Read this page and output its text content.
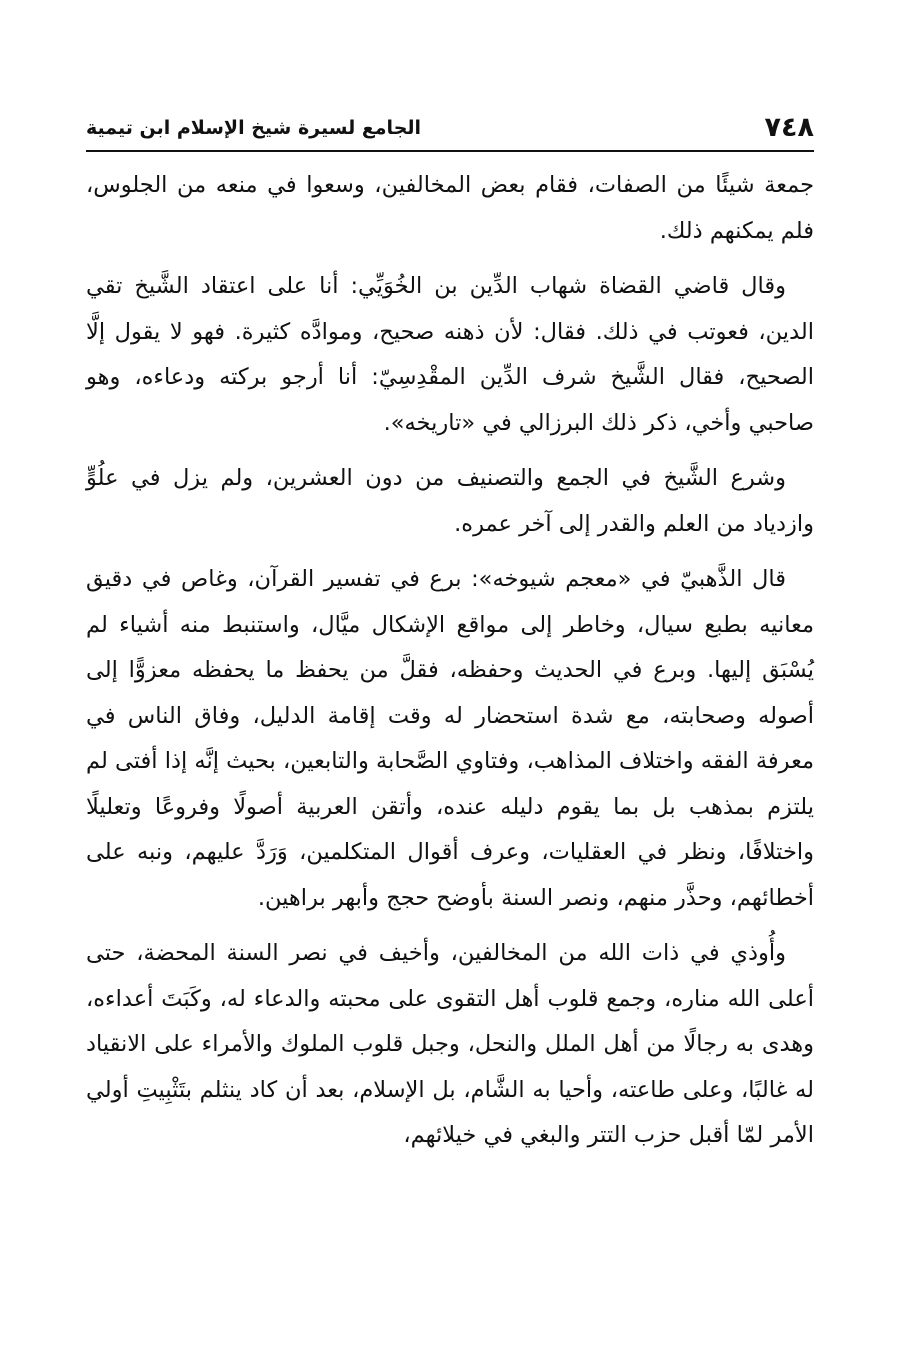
٧٤٨
الجامع لسيرة شيخ الإسلام ابن تيمية

جمعة شيئًا من الصفات، فقام بعض المخالفين، وسعوا في منعه من الجلوس، فلم يمكنهم ذلك.

وقال قاضي القضاة شهاب الدِّين بن الخُوَيِّي: أنا على اعتقاد الشَّيخ تقي الدين، فعوتب في ذلك. فقال: لأن ذهنه صحيح، وموادَّه كثيرة. فهو لا يقول إلَّا الصحيح، فقال الشَّيخ شرف الدِّين المقْدِسِيّ: أنا أرجو بركته ودعاءه، وهو صاحبي وأخي، ذكر ذلك البرزالي في «تاريخه».

وشرع الشَّيخ في الجمع والتصنيف من دون العشرين، ولم يزل في علُوٍّ وازدياد من العلم والقدر إلى آخر عمره.

قال الذَّهبيّ في «معجم شيوخه»: برع في تفسير القرآن، وغاص في دقيق معانيه بطبع سيال، وخاطر إلى مواقع الإشكال ميَّال، واستنبط منه أشياء لم يُسْبَق إليها. وبرع في الحديث وحفظه، فقلَّ من يحفظ ما يحفظه معزوًّا إلى أصوله وصحابته، مع شدة استحضار له وقت إقامة الدليل، وفاق الناس في معرفة الفقه واختلاف المذاهب، وفتاوي الصَّحابة والتابعين، بحيث إنَّه إذا أفتى لم يلتزم بمذهب بل بما يقوم دليله عنده، وأتقن العربية أصولًا وفروعًا وتعليلًا واختلافًا، ونظر في العقليات، وعرف أقوال المتكلمين، وَرَدَّ عليهم، ونبه على أخطائهم، وحذَّر منهم، ونصر السنة بأوضح حجج وأبهر براهين.

وأُوذي في ذات الله من المخالفين، وأخيف في نصر السنة المحضة، حتى أعلى الله مناره، وجمع قلوب أهل التقوى على محبته والدعاء له، وكَبَتَ أعداءه، وهدى به رجالًا من أهل الملل والنحل، وجبل قلوب الملوك والأمراء على الانقياد له غالبًا، وعلى طاعته، وأحيا به الشَّام، بل الإسلام، بعد أن كاد ينثلم بتَثْبِيتِ أولي الأمر لمّا أقبل حزب التتر والبغي في خيلائهم،
